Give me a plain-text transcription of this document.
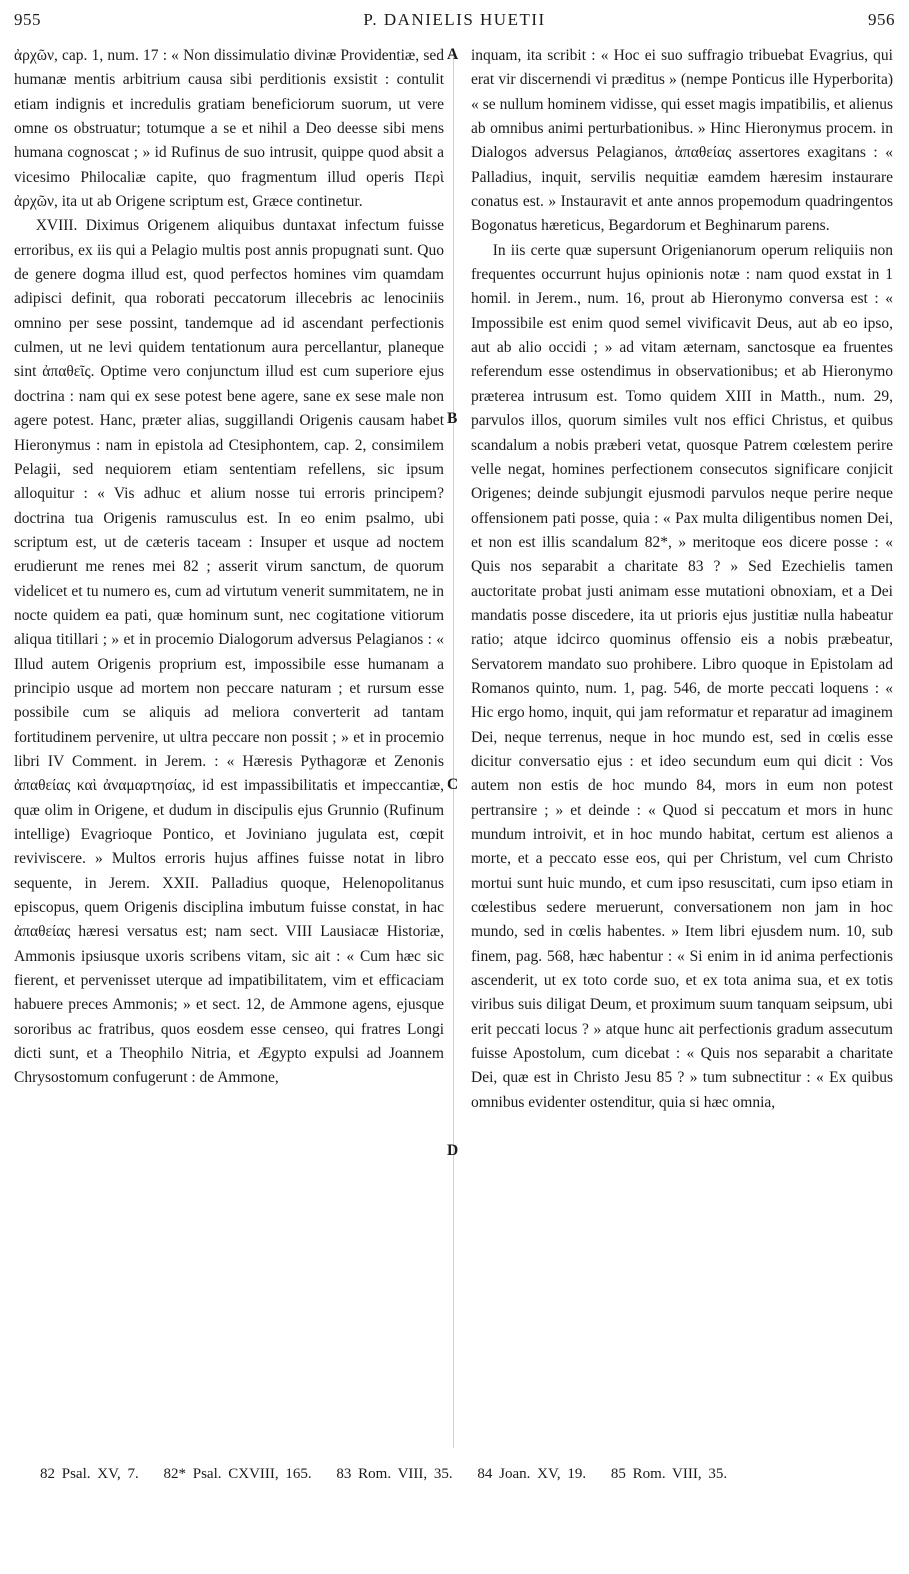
955	P. DANIELIS HUETII	956
A
B
C
D

ἀρχῶν, cap. 1, num. 17 : « Non dissimulatio divinæ Providentiæ, sed humanæ mentis arbitrium causa sibi perditionis exsistit : contulit etiam indignis et incredulis gratiam beneficiorum suorum, ut vere omne os obstruatur; totumque a se et nihil a Deo deesse sibi mens humana cognoscat ; » id Rufinus de suo intrusit, quippe quod absit a vicesimo Philocaliæ capite, quo fragmentum illud operis Περὶ ἀρχῶν, ita ut ab Origene scriptum est, Græce continetur.

XVIII. Diximus Origenem aliquibus duntaxat infectum fuisse erroribus, ex iis qui a Pelagio multis post annis propugnati sunt. Quo de genere dogma illud est, quod perfectos homines vim quamdam adipisci definit, qua roborati peccatorum illecebris ac lenociniis omnino per sese possint, tandemque ad id ascendant perfectionis culmen, ut ne levi quidem tentationum aura percellantur, planeque sint ἀπαθεῖς. Optime vero conjunctum illud est cum superiore ejus doctrina : nam qui ex sese potest bene agere, sane ex sese male non agere potest. Hanc, præter alias, suggillandi Origenis causam habet Hieronymus : nam in epistola ad Ctesiphontem, cap. 2, consimilem Pelagii, sed nequiorem etiam sententiam refellens, sic ipsum alloquitur : « Vis adhuc et alium nosse tui erroris principem? doctrina tua Origenis ramusculus est. In eo enim psalmo, ubi scriptum est, ut de cæteris taceam : Insuper et usque ad noctem erudierunt me renes mei 82 ; asserit virum sanctum, de quorum videlicet et tu numero es, cum ad virtutum venerit summitatem, ne in nocte quidem ea pati, quæ hominum sunt, nec cogitatione vitiorum aliqua titillari ; » et in procemio Dialogorum adversus Pelagianos : « Illud autem Origenis proprium est, impossibile esse humanam a principio usque ad mortem non peccare naturam ; et rursum esse possibile cum se aliquis ad meliora converterit ad tantam fortitudinem pervenire, ut ultra peccare non possit ; » et in procemio libri IV Comment. in Jerem. : « Hæresis Pythagoræ et Zenonis ἀπαθείας καὶ ἀναμαρτησίας, id est impassibilitatis et impeccantiæ, quæ olim in Origene, et dudum in discipulis ejus Grunnio (Rufinum intellige) Evagrioque Pontico, et Joviniano jugulata est, cœpit reviviscere. » Multos erroris hujus affines fuisse notat in libro sequente, in Jerem. XXII. Palladius quoque, Helenopolitanus episcopus, quem Origenis disciplina imbutum fuisse constat, in hac ἀπαθείας hæresi versatus est; nam sect. VIII Lausiacæ Historiæ, Ammonis ipsiusque uxoris scribens vitam, sic ait : « Cum hæc sic fierent, et pervenisset uterque ad impatibilitatem, vim et efficaciam habuere preces Ammonis; » et sect. 12, de Ammone agens, ejusque sororibus ac fratribus, quos eosdem esse censeo, qui fratres Longi dicti sunt, et a Theophilo Nitria, et Ægypto expulsi ad Joannem Chrysostomum confugerunt : de Ammone,

inquam, ita scribit : « Hoc ei suo suffragio tribuebat Evagrius, qui erat vir discernendi vi præditus » (nempe Ponticus ille Hyperborita) « se nullum hominem vidisse, qui esset magis impatibilis, et alienus ab omnibus animi perturbationibus. » Hinc Hieronymus procem. in Dialogos adversus Pelagianos, ἀπαθείας assertores exagitans : « Palladius, inquit, servilis nequitiæ eamdem hæresim instaurare conatus est. » Instauravit et ante annos propemodum quadringentos Bogonatus hæreticus, Begardorum et Beghinarum parens.

In iis certe quæ supersunt Origenianorum operum reliquiis non frequentes occurrunt hujus opinionis notæ : nam quod exstat in 1 homil. in Jerem., num. 16, prout ab Hieronymo conversa est : « Impossibile est enim quod semel vivificavit Deus, aut ab eo ipso, aut ab alio occidi ; » ad vitam æternam, sanctosque ea fruentes referendum esse ostendimus in observationibus; et ab Hieronymo præterea intrusum est. Tomo quidem XIII in Matth., num. 29, parvulos illos, quorum similes vult nos effici Christus, et quibus scandalum a nobis præberi vetat, quosque Patrem cœlestem perire velle negat, homines perfectionem consecutos significare conjicit Origenes; deinde subjungit ejusmodi parvulos neque perire neque offensionem pati posse, quia : « Pax multa diligentibus nomen Dei, et non est illis scandalum 82*, » meritoque eos dicere posse : « Quis nos separabit a charitate 83 ? » Sed Ezechielis tamen auctoritate probat justi animam esse mutationi obnoxiam, et a Dei mandatis posse discedere, ita ut prioris ejus justitiæ nulla habeatur ratio; atque idcirco quominus offensio eis a nobis præbeatur, Servatorem mandato suo prohibere. Libro quoque in Epistolam ad Romanos quinto, num. 1, pag. 546, de morte peccati loquens : « Hic ergo homo, inquit, qui jam reformatur et reparatur ad imaginem Dei, neque terrenus, neque in hoc mundo est, sed in cœlis esse dicitur conversatio ejus : et ideo secundum eum qui dicit : Vos autem non estis de hoc mundo 84, mors in eum non potest pertransire ; » et deinde : « Quod si peccatum et mors in hunc mundum introivit, et in hoc mundo habitat, certum est alienos a morte, et a peccato esse eos, qui per Christum, vel cum Christo mortui sunt huic mundo, et cum ipso resuscitati, cum ipso etiam in cœlestibus sedere meruerunt, conversationem non jam in hoc mundo, sed in cœlis habentes. » Item libri ejusdem num. 10, sub finem, pag. 568, hæc habentur : « Si enim in id anima perfectionis ascenderit, ut ex toto corde suo, et ex tota anima sua, et ex totis viribus suis diligat Deum, et proximum suum tanquam seipsum, ubi erit peccati locus ? » atque hunc ait perfectionis gradum assecutum fuisse Apostolum, cum dicebat : « Quis nos separabit a charitate Dei, quæ est in Christo Jesu 85 ? » tum subnectitur : « Ex quibus omnibus evidenter ostenditur, quia si hæc omnia,

82 Psal. XV, 7. 82* Psal. CXVIII, 165. 83 Rom. VIII, 35. 84 Joan. XV, 19. 85 Rom. VIII, 35.
